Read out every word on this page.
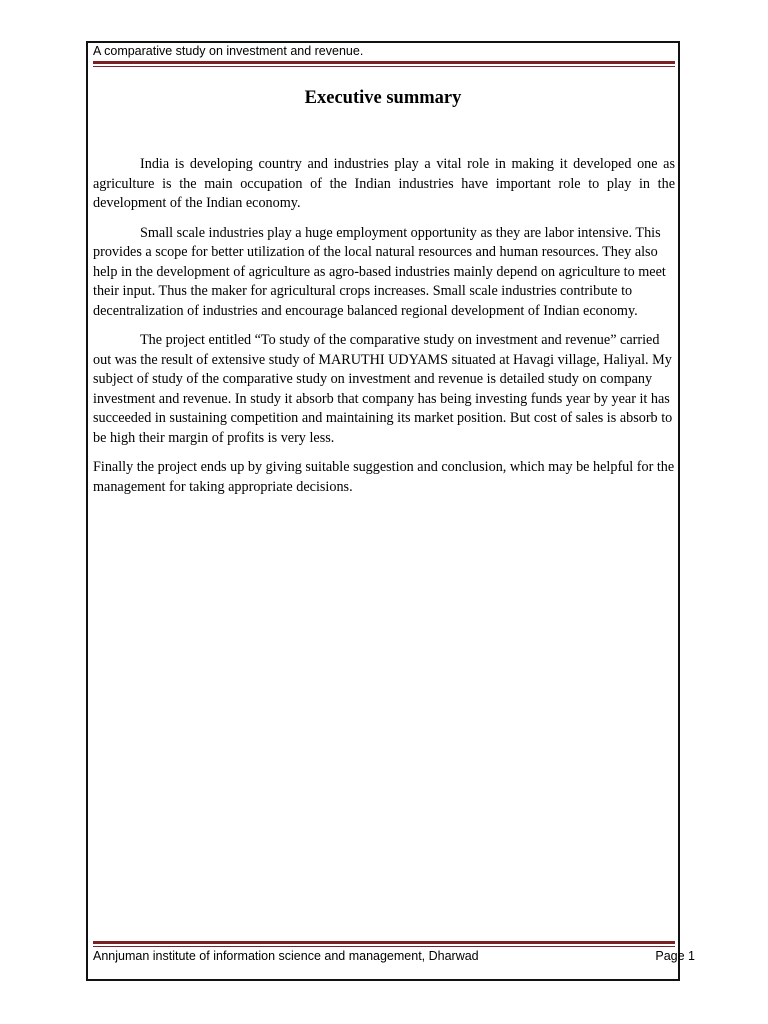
A comparative study on investment and revenue.
Executive summary

India is developing country and industries play a vital role in making it developed one as agriculture is the main occupation of the Indian industries have important role to play in the development of the Indian economy.

Small scale industries play a huge employment opportunity as they are labor intensive. This provides a scope for better utilization of the local natural resources and human resources. They also help in the development of agriculture as agro-based industries mainly depend on agriculture to meet their input. Thus the maker for agricultural crops increases. Small scale industries contribute to decentralization of industries and encourage balanced regional development of Indian economy.

The project entitled “To study of the comparative study on investment and revenue” carried out was the result of extensive study of MARUTHI UDYAMS situated at Havagi village, Haliyal. My subject of study of the comparative study on investment and revenue is detailed study on company investment and revenue. In study it absorb that company has being investing funds year by year it has succeeded in sustaining competition and maintaining its market position. But cost of sales is absorb to be high their margin of profits is very less.

Finally the project ends up by giving suitable suggestion and conclusion, which may be helpful for the management for taking appropriate decisions.

Annjuman institute of information science and management, Dharwad	Page 1
